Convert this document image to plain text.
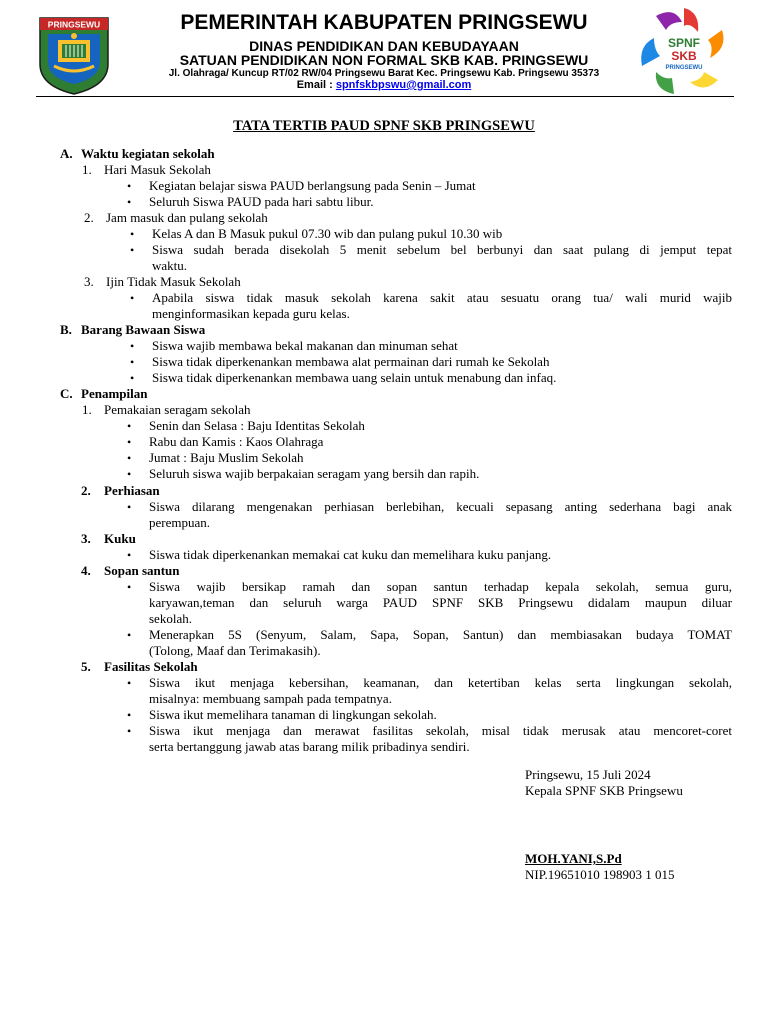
PRINGSEWU	PEMERINTAH KABUPATEN PRINGSEWU
DINAS PENDIDIKAN DAN KEBUDAYAAN
SATUAN PENDIDIKAN NON FORMAL SKB KAB. PRINGSEWU
Jl. Olahraga/ Kuncup RT/02 RW/04 Pringsewu Barat Kec. Pringsewu Kab. Pringsewu 35373
Email : spnfskbpswu@gmail.com
SPNF
SKB
PRINGSEWU
TATA TERTIB PAUD SPNF SKB PRINGSEWU
A. Waktu kegiatan sekolah
1. Hari Masuk Sekolah
• Kegiatan belajar siswa PAUD berlangsung pada Senin – Jumat
• Seluruh Siswa PAUD pada hari sabtu libur.
2. Jam masuk dan pulang sekolah
• Kelas A dan B Masuk pukul 07.30 wib dan pulang pukul 10.30 wib
• Siswa sudah berada disekolah 5 menit sebelum bel berbunyi dan saat pulang di jemput tepat
waktu.
3. Ijin Tidak Masuk Sekolah
• Apabila siswa tidak masuk sekolah karena sakit atau sesuatu orang tua/ wali murid wajib
menginformasikan kepada guru kelas.
B. Barang Bawaan Siswa
• Siswa wajib membawa bekal makanan dan minuman sehat
• Siswa tidak diperkenankan membawa alat permainan dari rumah ke Sekolah
• Siswa tidak diperkenankan membawa uang selain untuk menabung dan infaq.
C. Penampilan
1. Pemakaian seragam sekolah
• Senin dan Selasa : Baju Identitas Sekolah
• Rabu dan Kamis : Kaos Olahraga
• Jumat : Baju Muslim Sekolah
• Seluruh siswa wajib berpakaian seragam yang bersih dan rapih.
2. Perhiasan
• Siswa dilarang mengenakan perhiasan berlebihan, kecuali sepasang anting sederhana bagi anak
perempuan.
3. Kuku
• Siswa tidak diperkenankan memakai cat kuku dan memelihara kuku panjang.
4. Sopan santun
• Siswa wajib bersikap ramah dan sopan santun terhadap kepala sekolah, semua guru,
karyawan,teman dan seluruh warga PAUD SPNF SKB Pringsewu didalam maupun diluar
sekolah.
• Menerapkan 5S (Senyum, Salam, Sapa, Sopan, Santun) dan membiasakan budaya TOMAT
(Tolong, Maaf dan Terimakasih).
5. Fasilitas Sekolah
• Siswa ikut menjaga kebersihan, keamanan, dan ketertiban kelas serta lingkungan sekolah,
misalnya: membuang sampah pada tempatnya.
• Siswa ikut memelihara tanaman di lingkungan sekolah.
• Siswa ikut menjaga dan merawat fasilitas sekolah, misal tidak merusak atau mencoret-coret
serta bertanggung jawab atas barang milik pribadinya sendiri.
Pringsewu, 15 Juli 2024
Kepala SPNF SKB Pringsewu
MOH.YANI,S.Pd
NIP.19651010 198903 1 015
